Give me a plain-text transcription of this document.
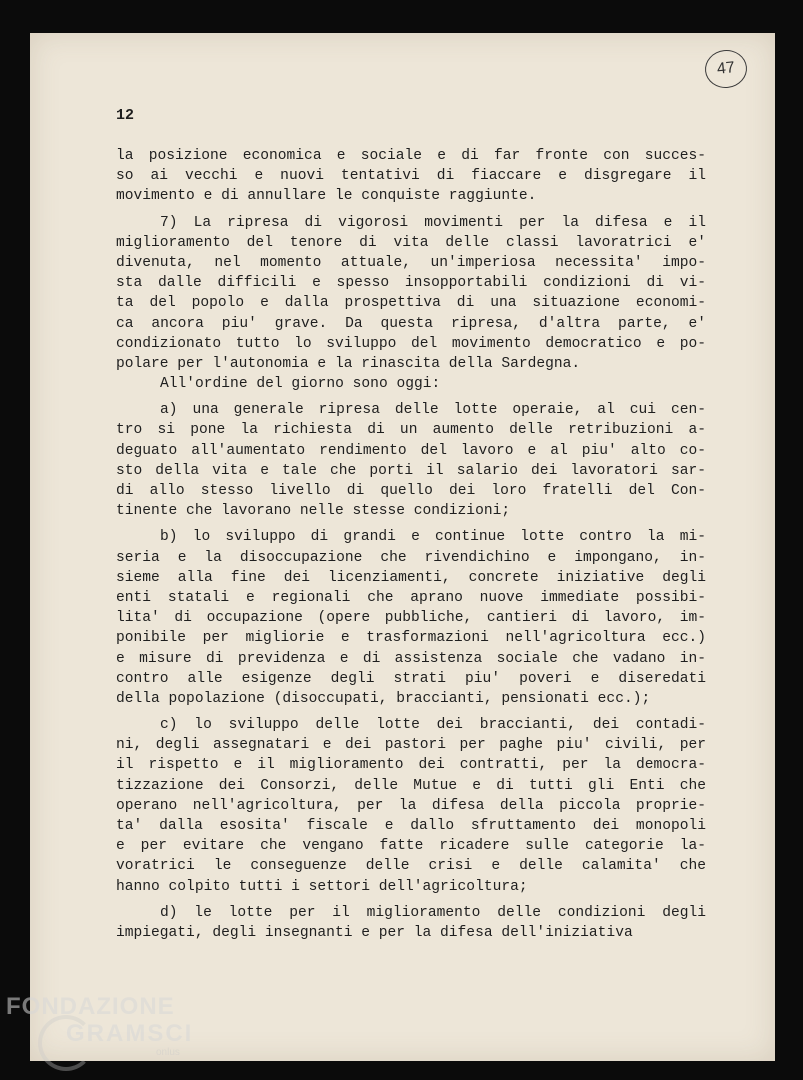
47
12
la posizione economica e sociale e di far fronte con succes-
so ai vecchi e nuovi tentativi di fiaccare e disgregare il
movimento e di annullare le conquiste raggiunte.
7) La ripresa di vigorosi movimenti per la difesa e il
miglioramento del tenore di vita delle classi lavoratrici e'
divenuta, nel momento attuale, un'imperiosa necessita' impo-
sta dalle difficili e spesso insopportabili condizioni di vi-
ta del popolo e dalla prospettiva di una situazione economi-
ca ancora piu' grave. Da questa ripresa, d'altra parte, e'
condizionato tutto lo sviluppo del movimento democratico e po-
polare per l'autonomia e la rinascita della Sardegna.
All'ordine del giorno sono oggi:
a) una generale ripresa delle lotte operaie, al cui cen-
tro si pone la richiesta di un aumento delle retribuzioni a-
deguato all'aumentato rendimento del lavoro e al piu' alto co-
sto della vita e tale che porti il salario dei lavoratori sar-
di allo stesso livello di quello dei loro fratelli del Con-
tinente che lavorano nelle stesse condizioni;
b) lo sviluppo di grandi e continue lotte contro la mi-
seria e la disoccupazione che rivendichino e impongano, in-
sieme alla fine dei licenziamenti, concrete iniziative degli
enti statali e regionali che aprano nuove immediate possibi-
lita' di occupazione (opere pubbliche, cantieri di lavoro, im-
ponibile per migliorie e trasformazioni nell'agricoltura ecc.)
e misure di previdenza e di assistenza sociale che vadano in-
contro alle esigenze degli strati piu' poveri e diseredati
della popolazione (disoccupati, braccianti, pensionati ecc.);
c) lo sviluppo delle lotte dei braccianti, dei contadi-
ni, degli assegnatari e dei pastori per paghe piu' civili, per
il rispetto e il miglioramento dei contratti, per la democra-
tizzazione dei Consorzi, delle Mutue e di tutti gli Enti che
operano nell'agricoltura, per la difesa della piccola proprie-
ta' dalla esosita' fiscale e dallo sfruttamento dei monopoli
e per evitare che vengano fatte ricadere sulle categorie la-
voratrici le conseguenze delle crisi e delle calamita' che
hanno colpito tutti i settori dell'agricoltura;
d) le lotte per il miglioramento delle condizioni degli
impiegati, degli insegnanti e per la difesa dell'iniziativa
FONDAZIONE
GRAMSCI
onlus
